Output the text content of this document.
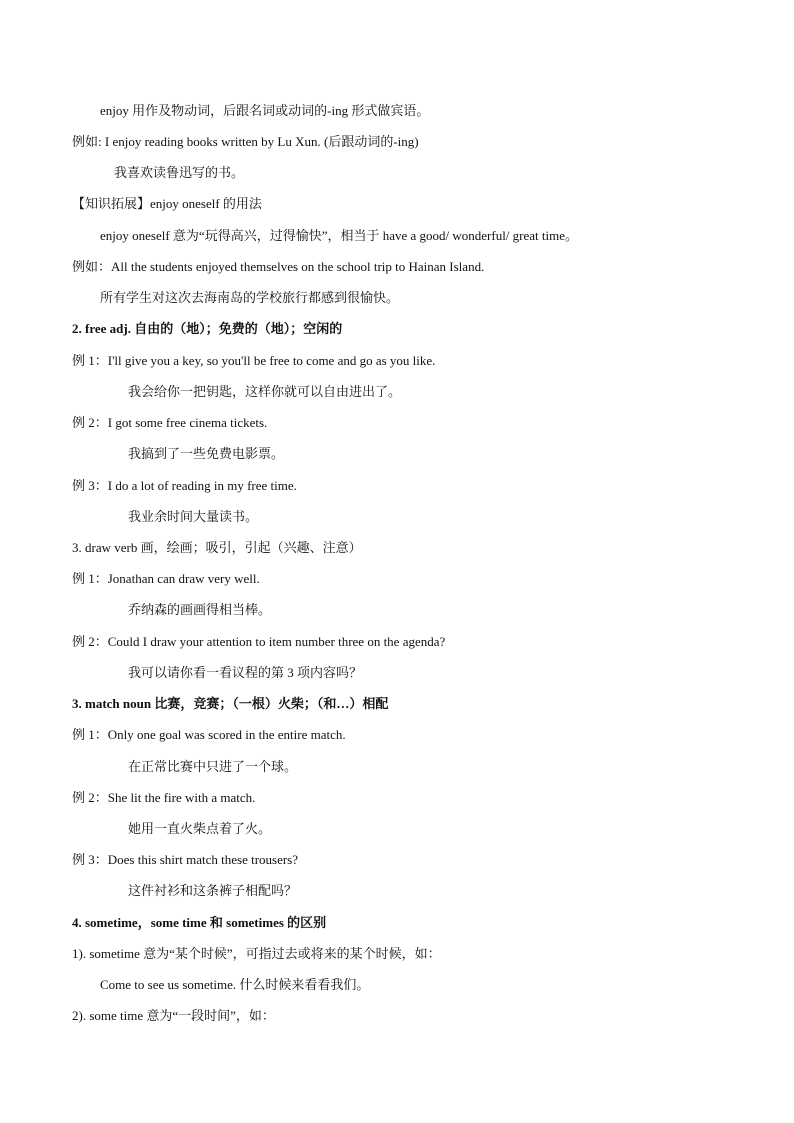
enjoy 用作及物动词，后跟名词或动词的-ing 形式做宾语。
例如: I enjoy reading books written by Lu Xun. (后跟动词的-ing)
我喜欢读鲁迅写的书。
【知识拓展】enjoy oneself 的用法
enjoy oneself 意为“玩得高兴，过得愉快”，相当于 have a good/ wonderful/ great time。
例如：All the students enjoyed themselves on the school trip to Hainan Island.
所有学生对这次去海南岛的学校旅行都感到很愉快。
2. free adj. 自由的（地）；免费的（地）；空闲的
例 1：I'll give you a key, so you'll be free to come and go as you like.
我会给你一把钥匙，这样你就可以自由进出了。
例 2：I got some free cinema tickets.
我搞到了一些免费电影票。
例 3：I do a lot of reading in my free time.
我业余时间大量读书。
3. draw verb 画，绘画；吸引，引起（兴趣、注意）
例 1：Jonathan can draw very well.
乔纳森的画画得相当棒。
例 2：Could I draw your attention to item number three on the agenda?
我可以请你看一看议程的第 3 项内容吗？
3. match noun 比赛，竞赛；（一根）火柴；（和…）相配
例 1：Only one goal was scored in the entire match.
在正常比赛中只进了一个球。
例 2：She lit the fire with a match.
她用一直火柴点着了火。
例 3：Does this shirt match these trousers?
这件衬衫和这条裤子相配吗？
4. sometime，some time 和 sometimes 的区别
1). sometime 意为“某个时候”，可指过去或将来的某个时候，如：
Come to see us sometime. 什么时候来看看我们。
2). some time 意为“一段时间”，如：
